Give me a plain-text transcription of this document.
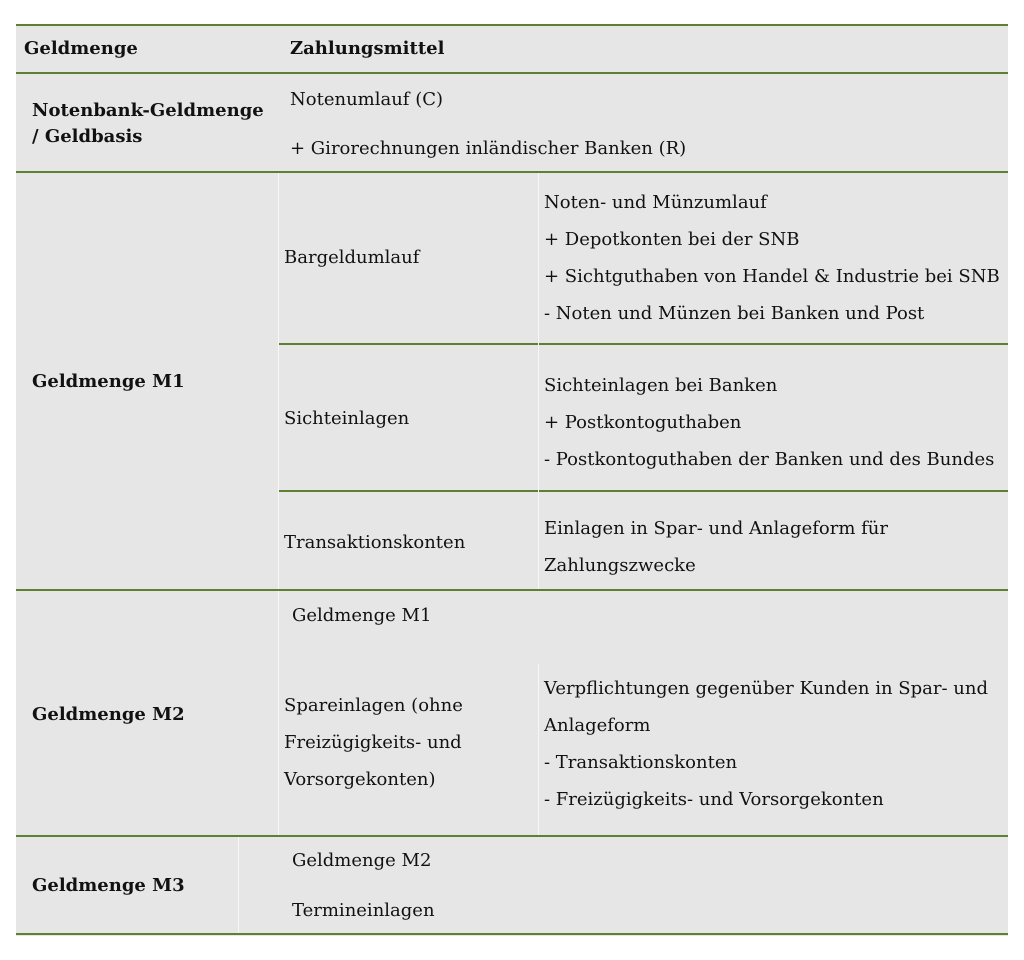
Geldmenge	Zahlungsmittel
Notenbank-Geldmenge
/ Geldbasis
Notenumlauf (C)
+ Girorechnungen inländischer Banken (R)
Geldmenge M1
Bargeldumlauf
Noten- und Münzumlauf
+ Depotkonten bei der SNB
+ Sichtguthaben von Handel & Industrie bei SNB
- Noten und Münzen bei Banken und Post
Sichteinlagen
Sichteinlagen bei Banken
+ Postkontoguthaben
- Postkontoguthaben der Banken und des Bundes
Transaktionskonten
Einlagen in Spar- und Anlageform für
Zahlungszwecke
Geldmenge M2
Geldmenge M1
Spareinlagen (ohne
Freizügigkeits- und
Vorsorgekonten)
Verpflichtungen gegenüber Kunden in Spar- und
Anlageform
- Transaktionskonten
- Freizügigkeits- und Vorsorgekonten
Geldmenge M3
Geldmenge M2
Termineinlagen
